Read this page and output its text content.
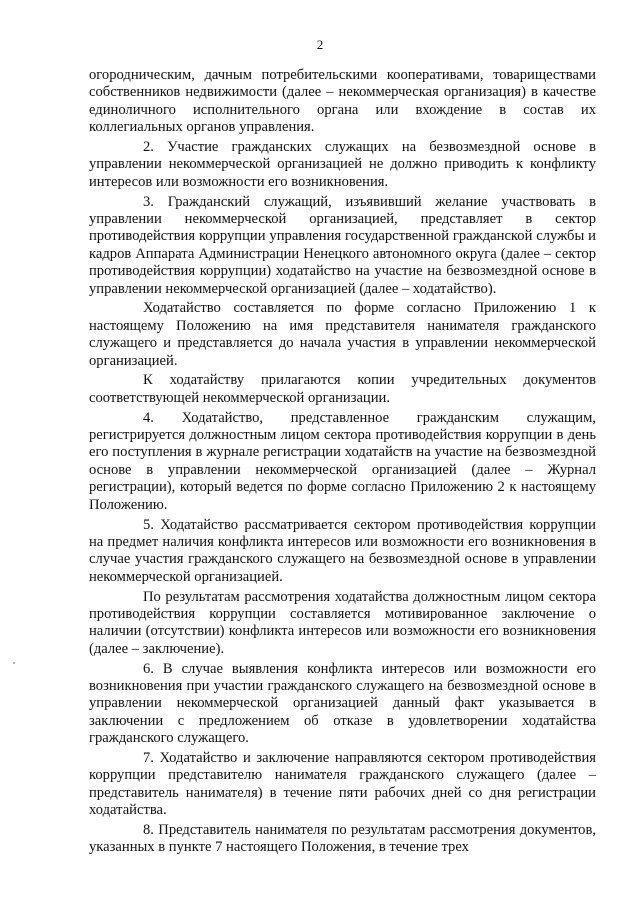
2

огородническим, дачным потребительскими кооперативами, товариществами собственников недвижимости (далее – некоммерческая организация) в качестве единоличного исполнительного органа или вхождение в состав их коллегиальных органов управления.

2. Участие гражданских служащих на безвозмездной основе в управлении некоммерческой организацией не должно приводить к конфликту интересов или возможности его возникновения.

3. Гражданский служащий, изъявивший желание участвовать в управлении некоммерческой организацией, представляет в сектор противодействия коррупции управления государственной гражданской службы и кадров Аппарата Администрации Ненецкого автономного округа (далее – сектор противодействия коррупции) ходатайство на участие на безвозмездной основе в управлении некоммерческой организацией (далее – ходатайство).

Ходатайство составляется по форме согласно Приложению 1 к настоящему Положению на имя представителя нанимателя гражданского служащего и представляется до начала участия в управлении некоммерческой организацией.

К ходатайству прилагаются копии учредительных документов соответствующей некоммерческой организации.

4. Ходатайство, представленное гражданским служащим, регистрируется должностным лицом сектора противодействия коррупции в день его поступления в журнале регистрации ходатайств на участие на безвозмездной основе в управлении некоммерческой организацией (далее – Журнал регистрации), который ведется по форме согласно Приложению 2 к настоящему Положению.

5. Ходатайство рассматривается сектором противодействия коррупции на предмет наличия конфликта интересов или возможности его возникновения в случае участия гражданского служащего на безвозмездной основе в управлении некоммерческой организацией.

По результатам рассмотрения ходатайства должностным лицом сектора противодействия коррупции составляется мотивированное заключение о наличии (отсутствии) конфликта интересов или возможности его возникновения (далее – заключение).

6. В случае выявления конфликта интересов или возможности его возникновения при участии гражданского служащего на безвозмездной основе в управлении некоммерческой организацией данный факт указывается в заключении с предложением об отказе в удовлетворении ходатайства гражданского служащего.

7. Ходатайство и заключение направляются сектором противодействия коррупции представителю нанимателя гражданского служащего (далее – представитель нанимателя) в течение пяти рабочих дней со дня регистрации ходатайства.

8. Представитель нанимателя по результатам рассмотрения документов, указанных в пункте 7 настоящего Положения, в течение трех
